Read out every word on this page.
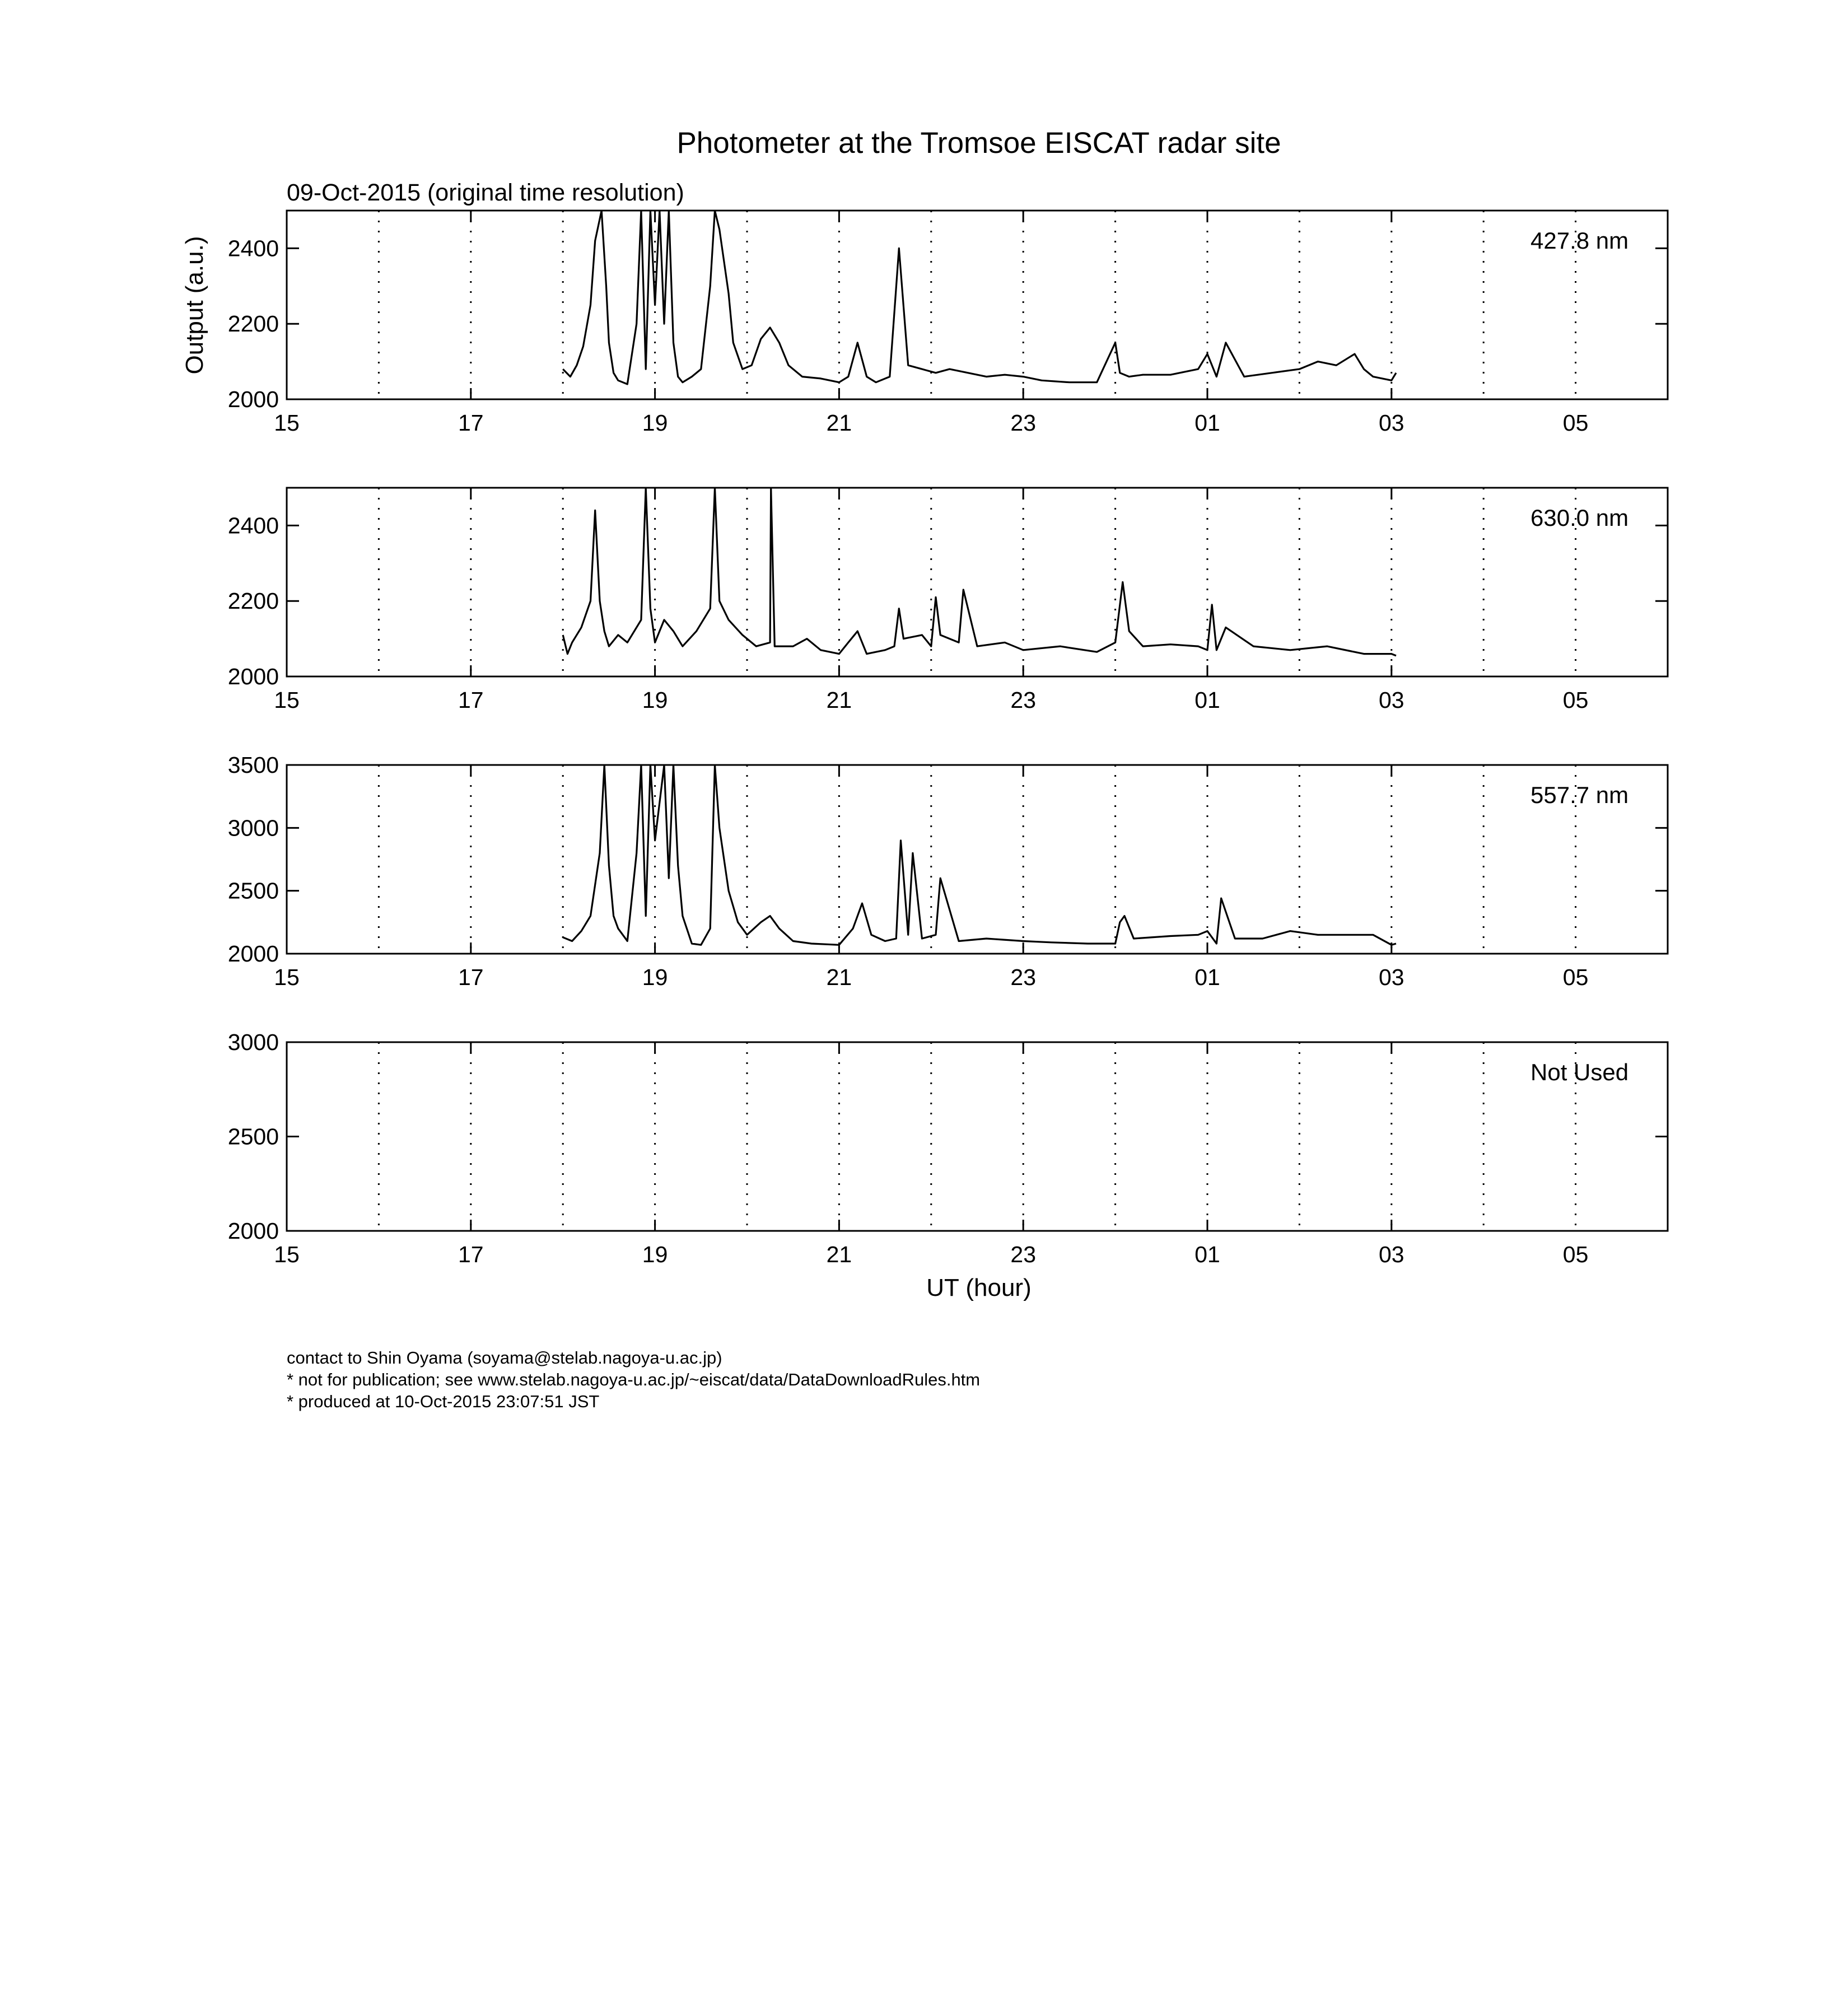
Photometer at the Tromsoe EISCAT radar site
09-Oct-2015 (original time resolution)
Output (a.u.)
2000
2200
2400
15	17	19	21	23	01	03	05
427.8 nm
2000
2200
2400
15	17	19	21	23	01	03	05
630.0 nm
2000
2500
3000
3500
15	17	19	21	23	01	03	05
557.7 nm
2000
2500
3000
15	17	19	21	23	01	03	05
Not Used
UT (hour)
contact to Shin Oyama (soyama@stelab.nagoya-u.ac.jp)
* not for publication; see www.stelab.nagoya-u.ac.jp/~eiscat/data/DataDownloadRules.htm
* produced at 10-Oct-2015 23:07:51 JST
